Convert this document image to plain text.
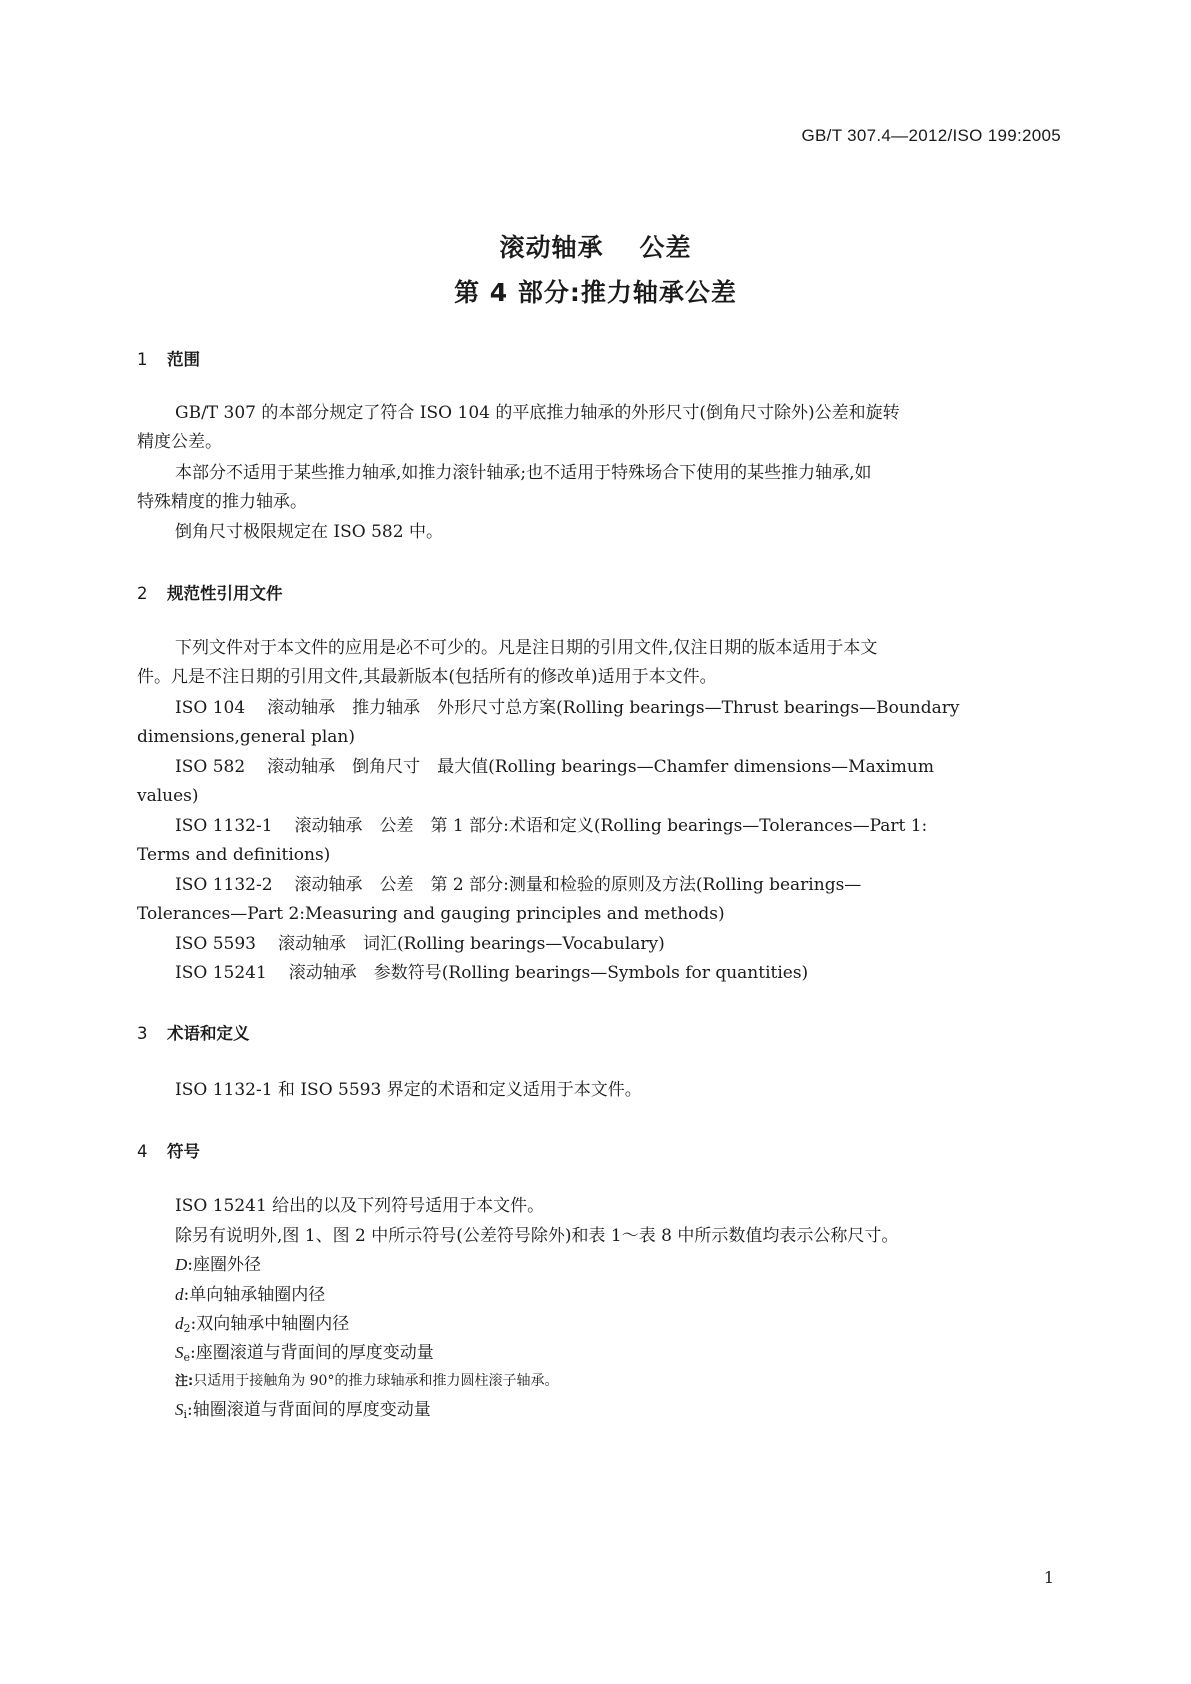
GB/T 307.4—2012/ISO 199:2005
滚动轴承 公差
第 4 部分:推力轴承公差
1 范围
GB/T 307 的本部分规定了符合 ISO 104 的平底推力轴承的外形尺寸(倒角尺寸除外)公差和旋转
精度公差。
本部分不适用于某些推力轴承,如推力滚针轴承;也不适用于特殊场合下使用的某些推力轴承,如
特殊精度的推力轴承。
倒角尺寸极限规定在 ISO 582 中。
2 规范性引用文件
下列文件对于本文件的应用是必不可少的。凡是注日期的引用文件,仅注日期的版本适用于本文
件。凡是不注日期的引用文件,其最新版本(包括所有的修改单)适用于本文件。
ISO 104 滚动轴承　推力轴承　外形尺寸总方案(Rolling bearings—Thrust bearings—Boundary
dimensions,general plan)
ISO 582 滚动轴承　倒角尺寸　最大值(Rolling bearings—Chamfer dimensions—Maximum
values)
ISO 1132-1 滚动轴承　公差　第 1 部分:术语和定义(Rolling bearings—Tolerances—Part 1:
Terms and definitions)
ISO 1132-2 滚动轴承　公差　第 2 部分:测量和检验的原则及方法(Rolling bearings—
Tolerances—Part 2:Measuring and gauging principles and methods)
ISO 5593 滚动轴承　词汇(Rolling bearings—Vocabulary)
ISO 15241 滚动轴承　参数符号(Rolling bearings—Symbols for quantities)
3 术语和定义
ISO 1132-1 和 ISO 5593 界定的术语和定义适用于本文件。
4 符号
ISO 15241 给出的以及下列符号适用于本文件。
除另有说明外,图 1、图 2 中所示符号(公差符号除外)和表 1～表 8 中所示数值均表示公称尺寸。
D:座圈外径
d:单向轴承轴圈内径
$d_2$:双向轴承中轴圈内径
$S_e$:座圈滚道与背面间的厚度变动量
注:只适用于接触角为 90°的推力球轴承和推力圆柱滚子轴承。
$S_i$:轴圈滚道与背面间的厚度变动量
1
